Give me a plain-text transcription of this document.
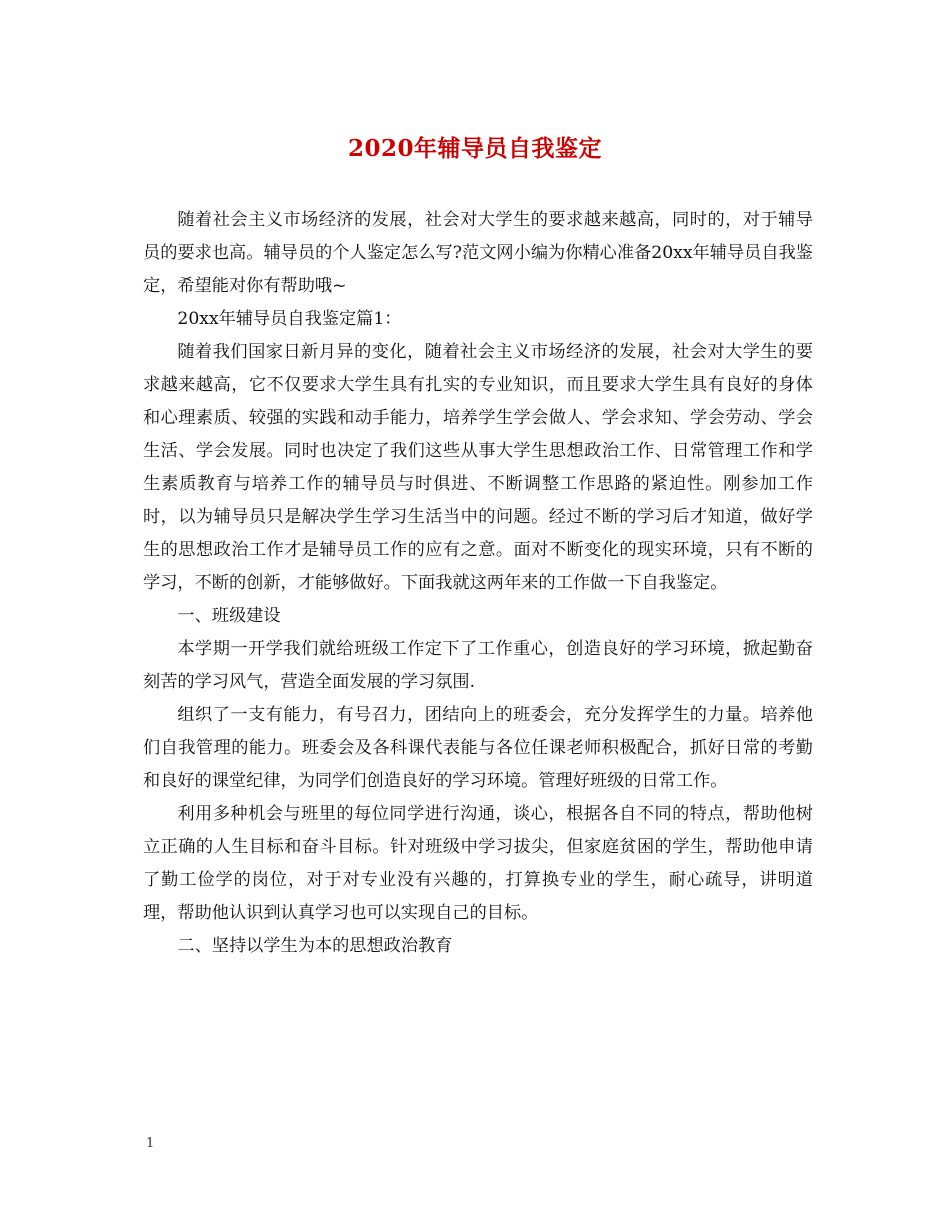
2020年辅导员自我鉴定

随着社会主义市场经济的发展，社会对大学生的要求越来越高，同时的，对于辅导员的要求也高。辅导员的个人鉴定怎么写?范文网小编为你精心准备20xx年辅导员自我鉴定，希望能对你有帮助哦~

20xx年辅导员自我鉴定篇1：

随着我们国家日新月异的变化，随着社会主义市场经济的发展，社会对大学生的要求越来越高，它不仅要求大学生具有扎实的专业知识，而且要求大学生具有良好的身体和心理素质、较强的实践和动手能力，培养学生学会做人、学会求知、学会劳动、学会生活、学会发展。同时也决定了我们这些从事大学生思想政治工作、日常管理工作和学生素质教育与培养工作的辅导员与时俱进、不断调整工作思路的紧迫性。刚参加工作时，以为辅导员只是解决学生学习生活当中的问题。经过不断的学习后才知道，做好学生的思想政治工作才是辅导员工作的应有之意。面对不断变化的现实环境，只有不断的学习，不断的创新，才能够做好。下面我就这两年来的工作做一下自我鉴定。

一、班级建设

本学期一开学我们就给班级工作定下了工作重心，创造良好的学习环境，掀起勤奋刻苦的学习风气，营造全面发展的学习氛围.

组织了一支有能力，有号召力，团结向上的班委会，充分发挥学生的力量。培养他们自我管理的能力。班委会及各科课代表能与各位任课老师积极配合，抓好日常的考勤和良好的课堂纪律，为同学们创造良好的学习环境。管理好班级的日常工作。

利用多种机会与班里的每位同学进行沟通，谈心，根据各自不同的特点，帮助他树立正确的人生目标和奋斗目标。针对班级中学习拔尖，但家庭贫困的学生，帮助他申请了勤工俭学的岗位，对于对专业没有兴趣的，打算换专业的学生，耐心疏导，讲明道理，帮助他认识到认真学习也可以实现自己的目标。

二、坚持以学生为本的思想政治教育

1
